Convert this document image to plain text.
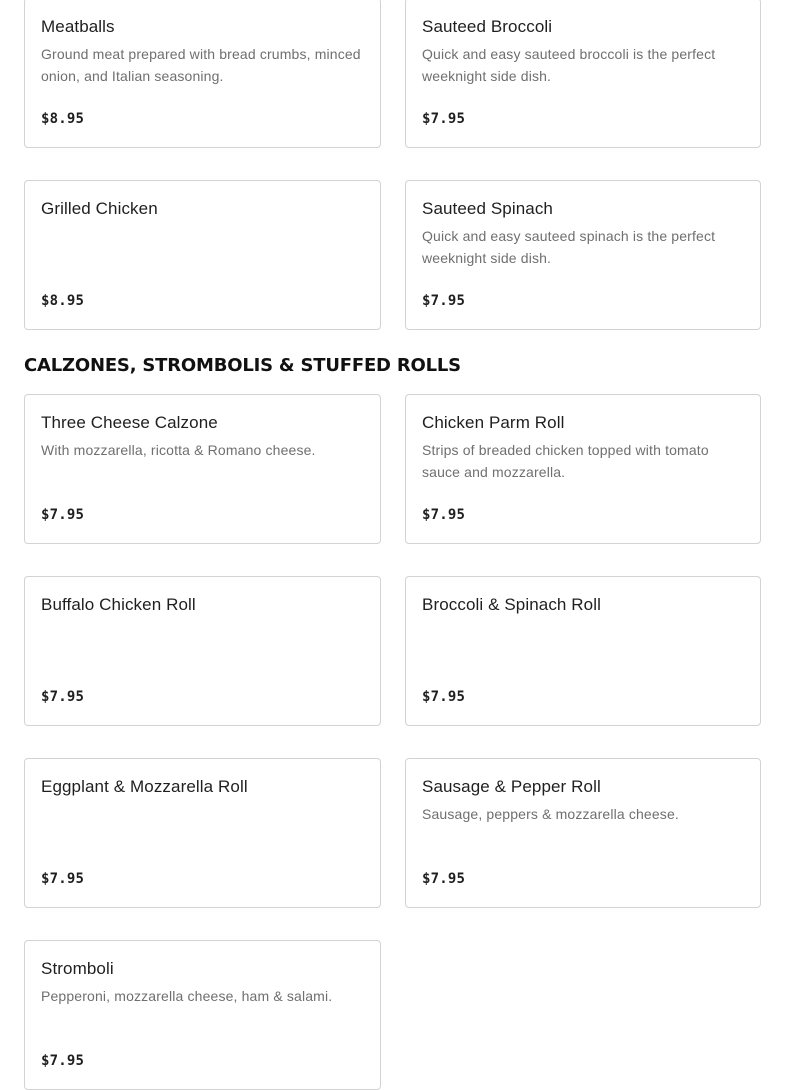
Meatballs
Ground meat prepared with bread crumbs, minced onion, and Italian seasoning.
$8.95
Sauteed Broccoli
Quick and easy sauteed broccoli is the perfect weeknight side dish.
$7.95
Grilled Chicken
$8.95
Sauteed Spinach
Quick and easy sauteed spinach is the perfect weeknight side dish.
$7.95
CALZONES, STROMBOLIS & STUFFED ROLLS
Three Cheese Calzone
With mozzarella, ricotta & Romano cheese.
$7.95
Chicken Parm Roll
Strips of breaded chicken topped with tomato sauce and mozzarella.
$7.95
Buffalo Chicken Roll
$7.95
Broccoli & Spinach Roll
$7.95
Eggplant & Mozzarella Roll
$7.95
Sausage & Pepper Roll
Sausage, peppers & mozzarella cheese.
$7.95
Stromboli
Pepperoni, mozzarella cheese, ham & salami.
$7.95
